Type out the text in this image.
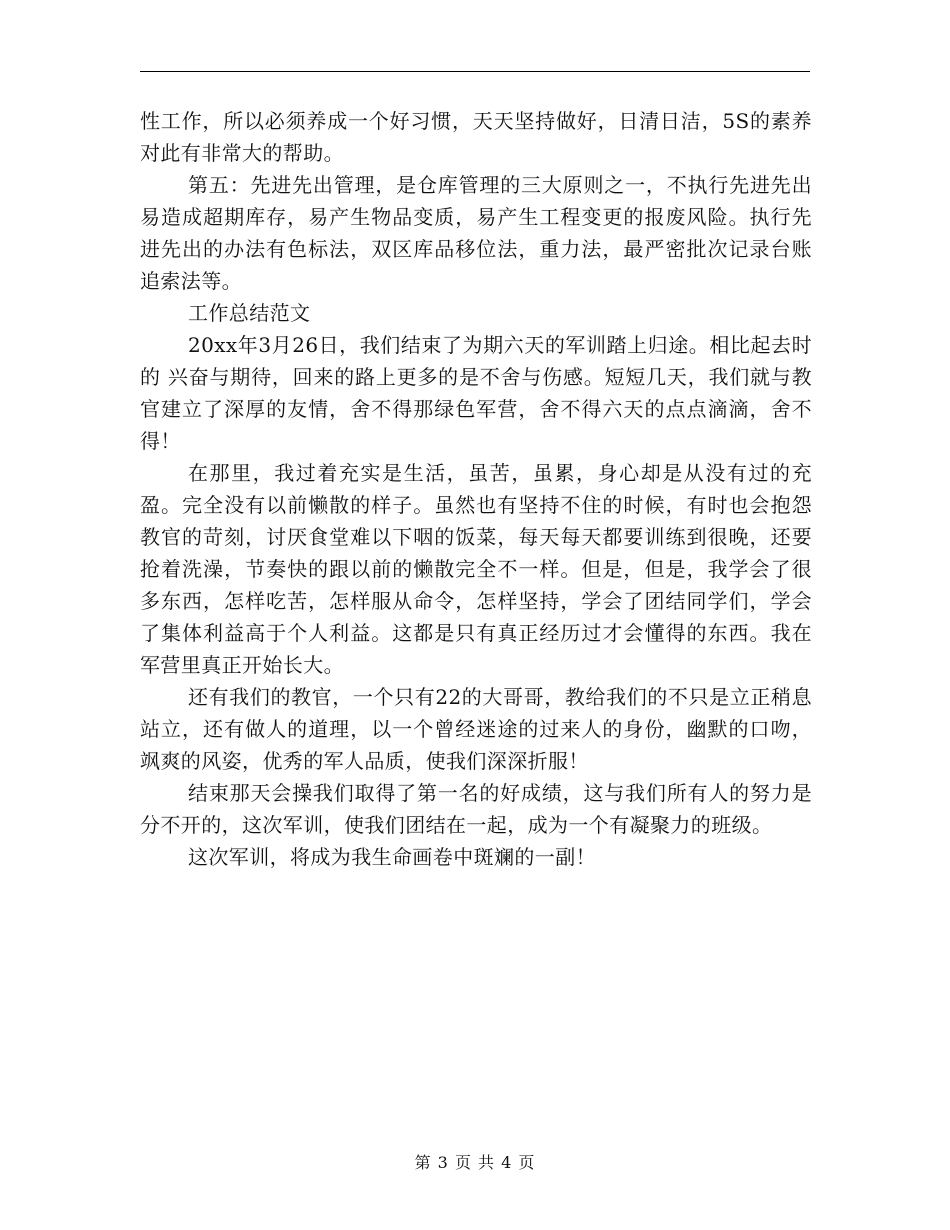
性工作，所以必须养成一个好习惯，天天坚持做好，日清日洁，5S的素养对此有非常大的帮助。

第五：先进先出管理，是仓库管理的三大原则之一，不执行先进先出易造成超期库存，易产生物品变质，易产生工程变更的报废风险。执行先进先出的办法有色标法，双区库品移位法，重力法，最严密批次记录台账追索法等。

工作总结范文

20xx年3月26日，我们结束了为期六天的军训踏上归途。相比起去时的 兴奋与期待，回来的路上更多的是不舍与伤感。短短几天，我们就与教官建立了深厚的友情，舍不得那绿色军营，舍不得六天的点点滴滴，舍不得！

在那里，我过着充实是生活，虽苦，虽累，身心却是从没有过的充盈。完全没有以前懒散的样子。虽然也有坚持不住的时候，有时也会抱怨教官的苛刻，讨厌食堂难以下咽的饭菜，每天每天都要训练到很晚，还要抢着洗澡，节奏快的跟以前的懒散完全不一样。但是，但是，我学会了很多东西，怎样吃苦，怎样服从命令，怎样坚持，学会了团结同学们，学会了集体利益高于个人利益。这都是只有真正经历过才会懂得的东西。我在军营里真正开始长大。

还有我们的教官，一个只有22的大哥哥，教给我们的不只是立正稍息站立，还有做人的道理，以一个曾经迷途的过来人的身份，幽默的口吻，飒爽的风姿，优秀的军人品质，使我们深深折服！

结束那天会操我们取得了第一名的好成绩，这与我们所有人的努力是分不开的，这次军训，使我们团结在一起，成为一个有凝聚力的班级。

这次军训，将成为我生命画卷中斑斓的一副！

第 3 页 共 4 页
